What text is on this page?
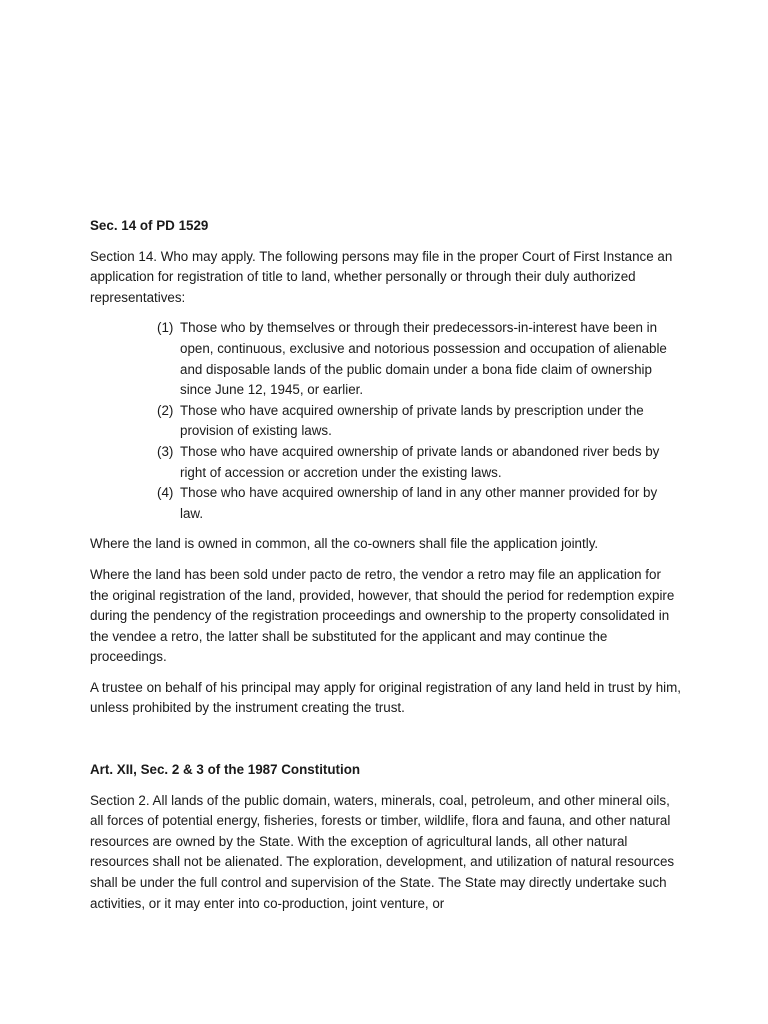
Sec. 14 of PD 1529

Section 14. Who may apply. The following persons may file in the proper Court of First Instance an application for registration of title to land, whether personally or through their duly authorized representatives:

(1) Those who by themselves or through their predecessors-in-interest have been in open, continuous, exclusive and notorious possession and occupation of alienable and disposable lands of the public domain under a bona fide claim of ownership since June 12, 1945, or earlier.
(2) Those who have acquired ownership of private lands by prescription under the provision of existing laws.
(3) Those who have acquired ownership of private lands or abandoned river beds by right of accession or accretion under the existing laws.
(4) Those who have acquired ownership of land in any other manner provided for by law.

Where the land is owned in common, all the co-owners shall file the application jointly.

Where the land has been sold under pacto de retro, the vendor a retro may file an application for the original registration of the land, provided, however, that should the period for redemption expire during the pendency of the registration proceedings and ownership to the property consolidated in the vendee a retro, the latter shall be substituted for the applicant and may continue the proceedings.

A trustee on behalf of his principal may apply for original registration of any land held in trust by him, unless prohibited by the instrument creating the trust.

Art. XII, Sec. 2 & 3 of the 1987 Constitution

Section 2. All lands of the public domain, waters, minerals, coal, petroleum, and other mineral oils, all forces of potential energy, fisheries, forests or timber, wildlife, flora and fauna, and other natural resources are owned by the State. With the exception of agricultural lands, all other natural resources shall not be alienated. The exploration, development, and utilization of natural resources shall be under the full control and supervision of the State. The State may directly undertake such activities, or it may enter into co-production, joint venture, or
